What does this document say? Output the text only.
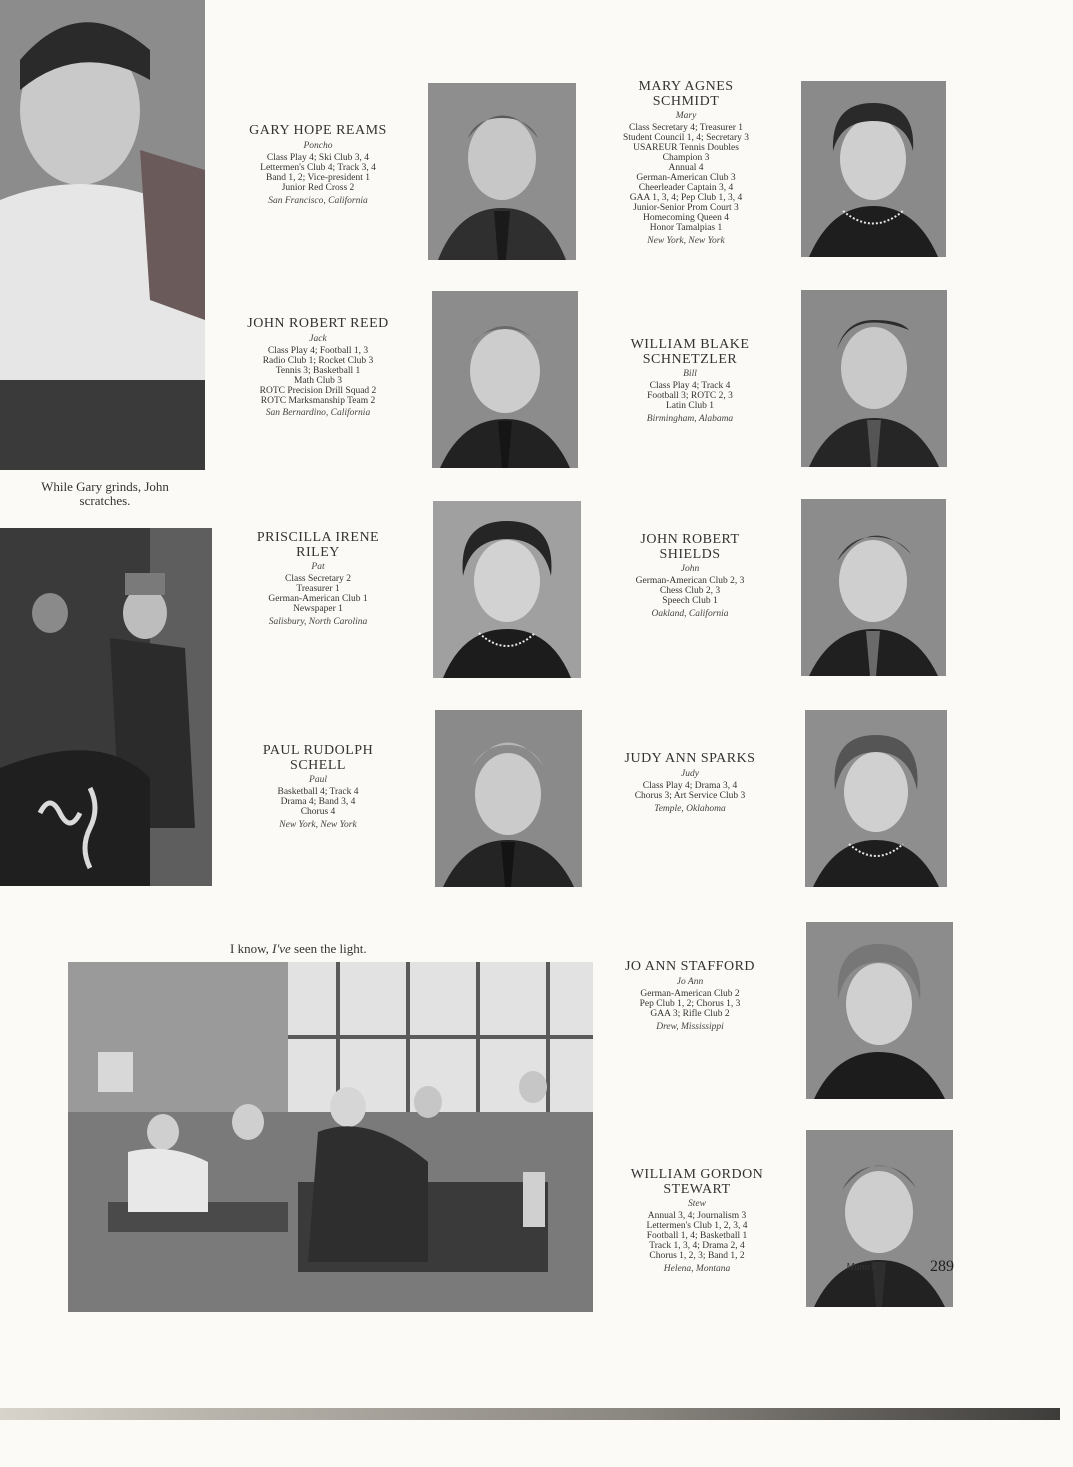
While Gary grinds, John scratches.
I know, I've seen the light.
GARY HOPE REAMS
Poncho
Class Play 4; Ski Club 3, 4
Lettermen's Club 4; Track 3, 4
Band 1, 2; Vice-president 1
Junior Red Cross 2
San Francisco, California
MARY AGNES
SCHMIDT
Mary
Class Secretary 4; Treasurer 1
Student Council 1, 4; Secretary 3
USAREUR Tennis Doubles
Champion 3
Annual 4
German-American Club 3
Cheerleader Captain 3, 4
GAA 1, 3, 4; Pep Club 1, 3, 4
Junior-Senior Prom Court 3
Homecoming Queen 4
Honor Tamalpias 1
New York, New York
JOHN ROBERT REED
Jack
Class Play 4; Football 1, 3
Radio Club 1; Rocket Club 3
Tennis 3; Basketball 1
Math Club 3
ROTC Precision Drill Squad 2
ROTC Marksmanship Team 2
San Bernardino, California
WILLIAM BLAKE
SCHNETZLER
Bill
Class Play 4; Track 4
Football 3; ROTC 2, 3
Latin Club 1
Birmingham, Alabama
PRISCILLA IRENE
RILEY
Pat
Class Secretary 2
Treasurer 1
German-American Club 1
Newspaper 1
Salisbury, North Carolina
JOHN ROBERT
SHIELDS
John
German-American Club 2, 3
Chess Club 2, 3
Speech Club 1
Oakland, California
PAUL RUDOLPH
SCHELL
Paul
Basketball 4; Track 4
Drama 4; Band 3, 4
Chorus 4
New York, New York
JUDY ANN SPARKS
Judy
Class Play 4; Drama 3, 4
Chorus 3; Art Service Club 3
Temple, Oklahoma
JO ANN STAFFORD
Jo Ann
German-American Club 2
Pep Club 1, 2; Chorus 1, 3
GAA 3; Rifle Club 2
Drew, Mississippi
WILLIAM GORDON
STEWART
Stew
Annual 3, 4; Journalism 3
Lettermen's Club 1, 2, 3, 4
Football 1, 4; Basketball 1
Track 1, 3, 4; Drama 2, 4
Chorus 1, 2, 3; Band 1, 2
Helena, Montana	Munich	289
